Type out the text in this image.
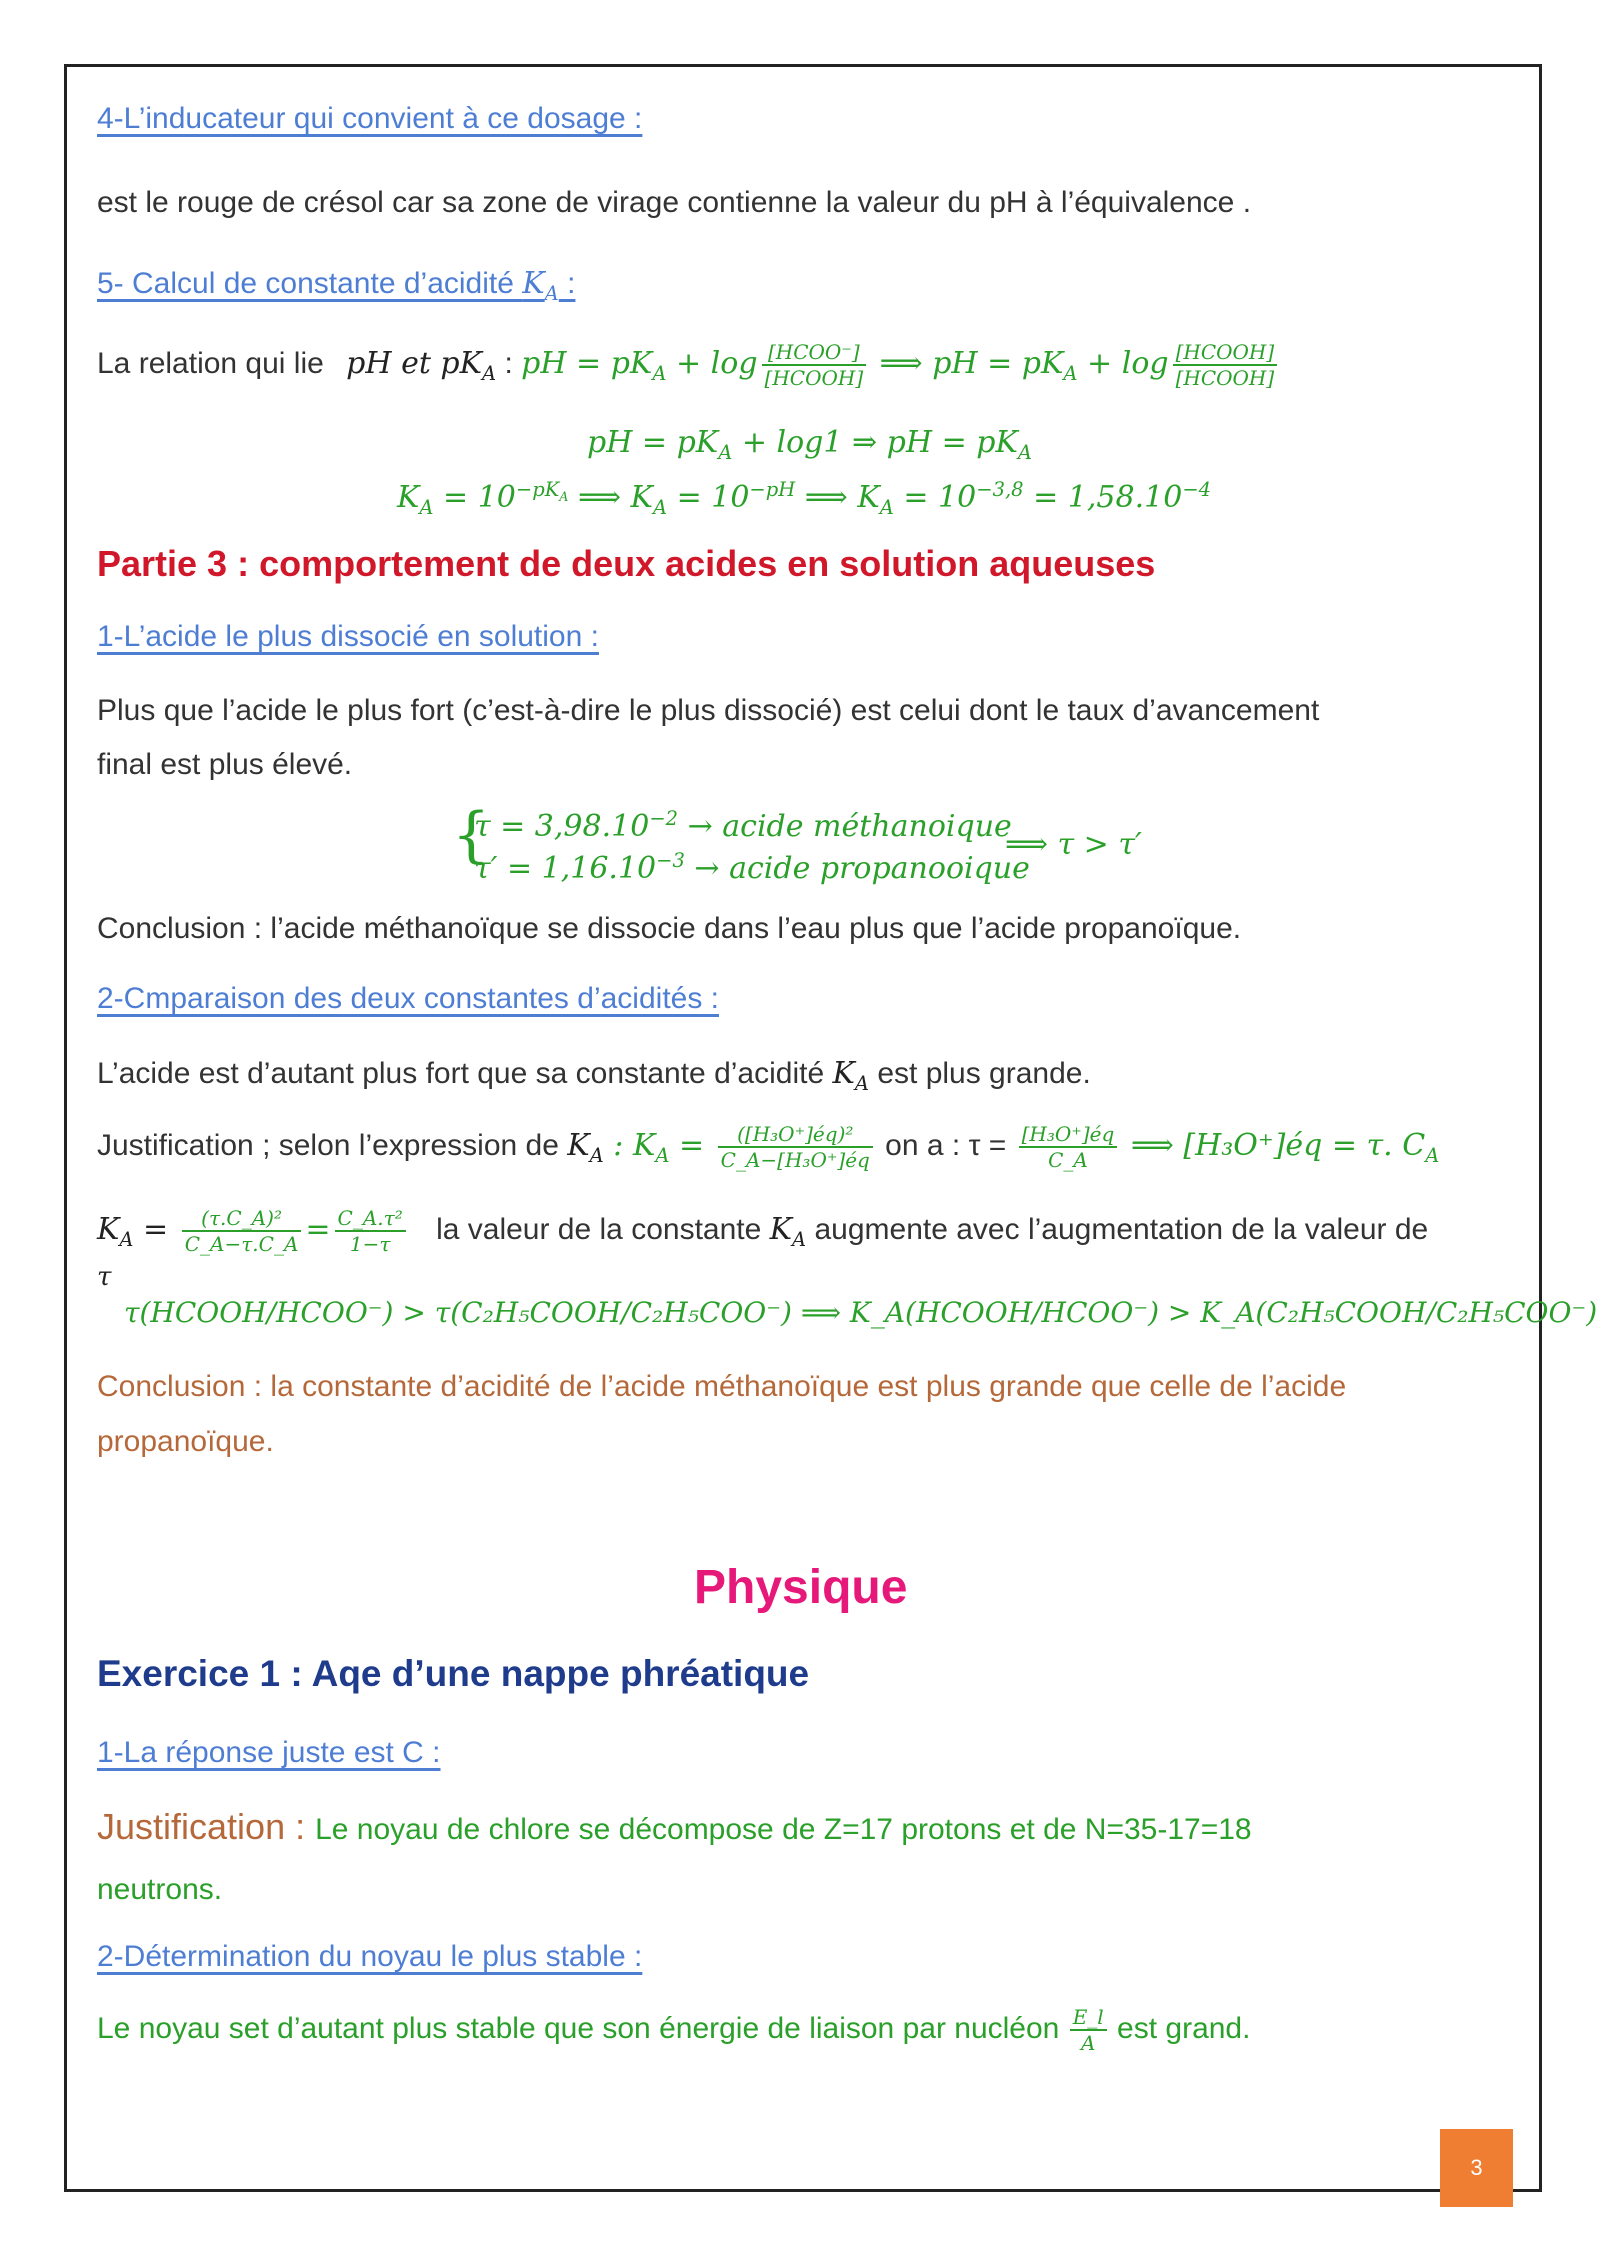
4-L’inducateur qui convient à ce dosage :
est le rouge de crésol car sa zone de virage contienne la valeur du pH à l’équivalence .
5- Calcul de constante d’acidité $K_A$ :
La relation qui lie pH et $pK_A$ : pH = $pK_A + \log$ [HCOO⁻]
[HCOOH] ⟹ pH = $pK_A + \log$ [HCOOH]
[HCOOH]
pH = $pK_A + \log 1$ ⇒ pH = $pK_A$
$K_A = 10^{-pK_A}$ ⟹ $K_A = 10^{-pH}$ ⟹ $K_A = 10^{-3,8} = 1,58.10^{-4}$
Partie 3 : comportement de deux acides en solution aqueuses
1-L’acide le plus dissocié en solution :
Plus que l’acide le plus fort (c’est-à-dire le plus dissocié) est celui dont le taux d’avancement
final est plus élevé.
{
$\tau = 3,98.10^{-2}$ → acide méthanoique
$\tau' = 1,16.10^{-3}$ → acide propanooique
⟹ τ > τ′
Conclusion : l’acide méthanoïque se dissocie dans l’eau plus que l’acide propanoïque.
2-Cmparaison des deux constantes d’acidités :
L’acide est d’autant plus fort que sa constante d’acidité $K_A$ est plus grande.
Justification ; selon l’expression de $K_A$ : $K_A = \frac{\text{([H₃O⁺]éq)²}}{\text{C\_A−[H₃O⁺]éq}}$ on a : $\tau = \frac{\text{[H₃O⁺]éq}}{C\_A}$ ⟹ [H₃O⁺]éq = τ. $C_A$
$K_A = \frac{\text{(τ.C\_A)²}}{C\_A-\tau.C\_A} = \frac{\text{C\_A.τ²}}{1-\tau}$ la valeur de la constante $K_A$ augmente avec l’augmentation de la valeur de
τ
τ(HCOOH/HCOO⁻) > τ(C₂H₅COOH/C₂H₅COO⁻) ⟹ K_A(HCOOH/HCOO⁻) > K_A(C₂H₅COOH/C₂H₅COO⁻)
Conclusion : la constante d’acidité de l’acide méthanoïque est plus grande que celle de l’acide
propanoïque.
Physique
Exercice 1 : Aqe d’une nappe phréatique
1-La réponse juste est C :
Justification : Le noyau de chlore se décompose de Z=17 protons et de N=35-17=18
neutrons.
2-Détermination du noyau le plus stable :
Le noyau set d’autant plus stable que son énergie de liaison par nucléon $\frac{E\_l}{A}$ est grand.
3
